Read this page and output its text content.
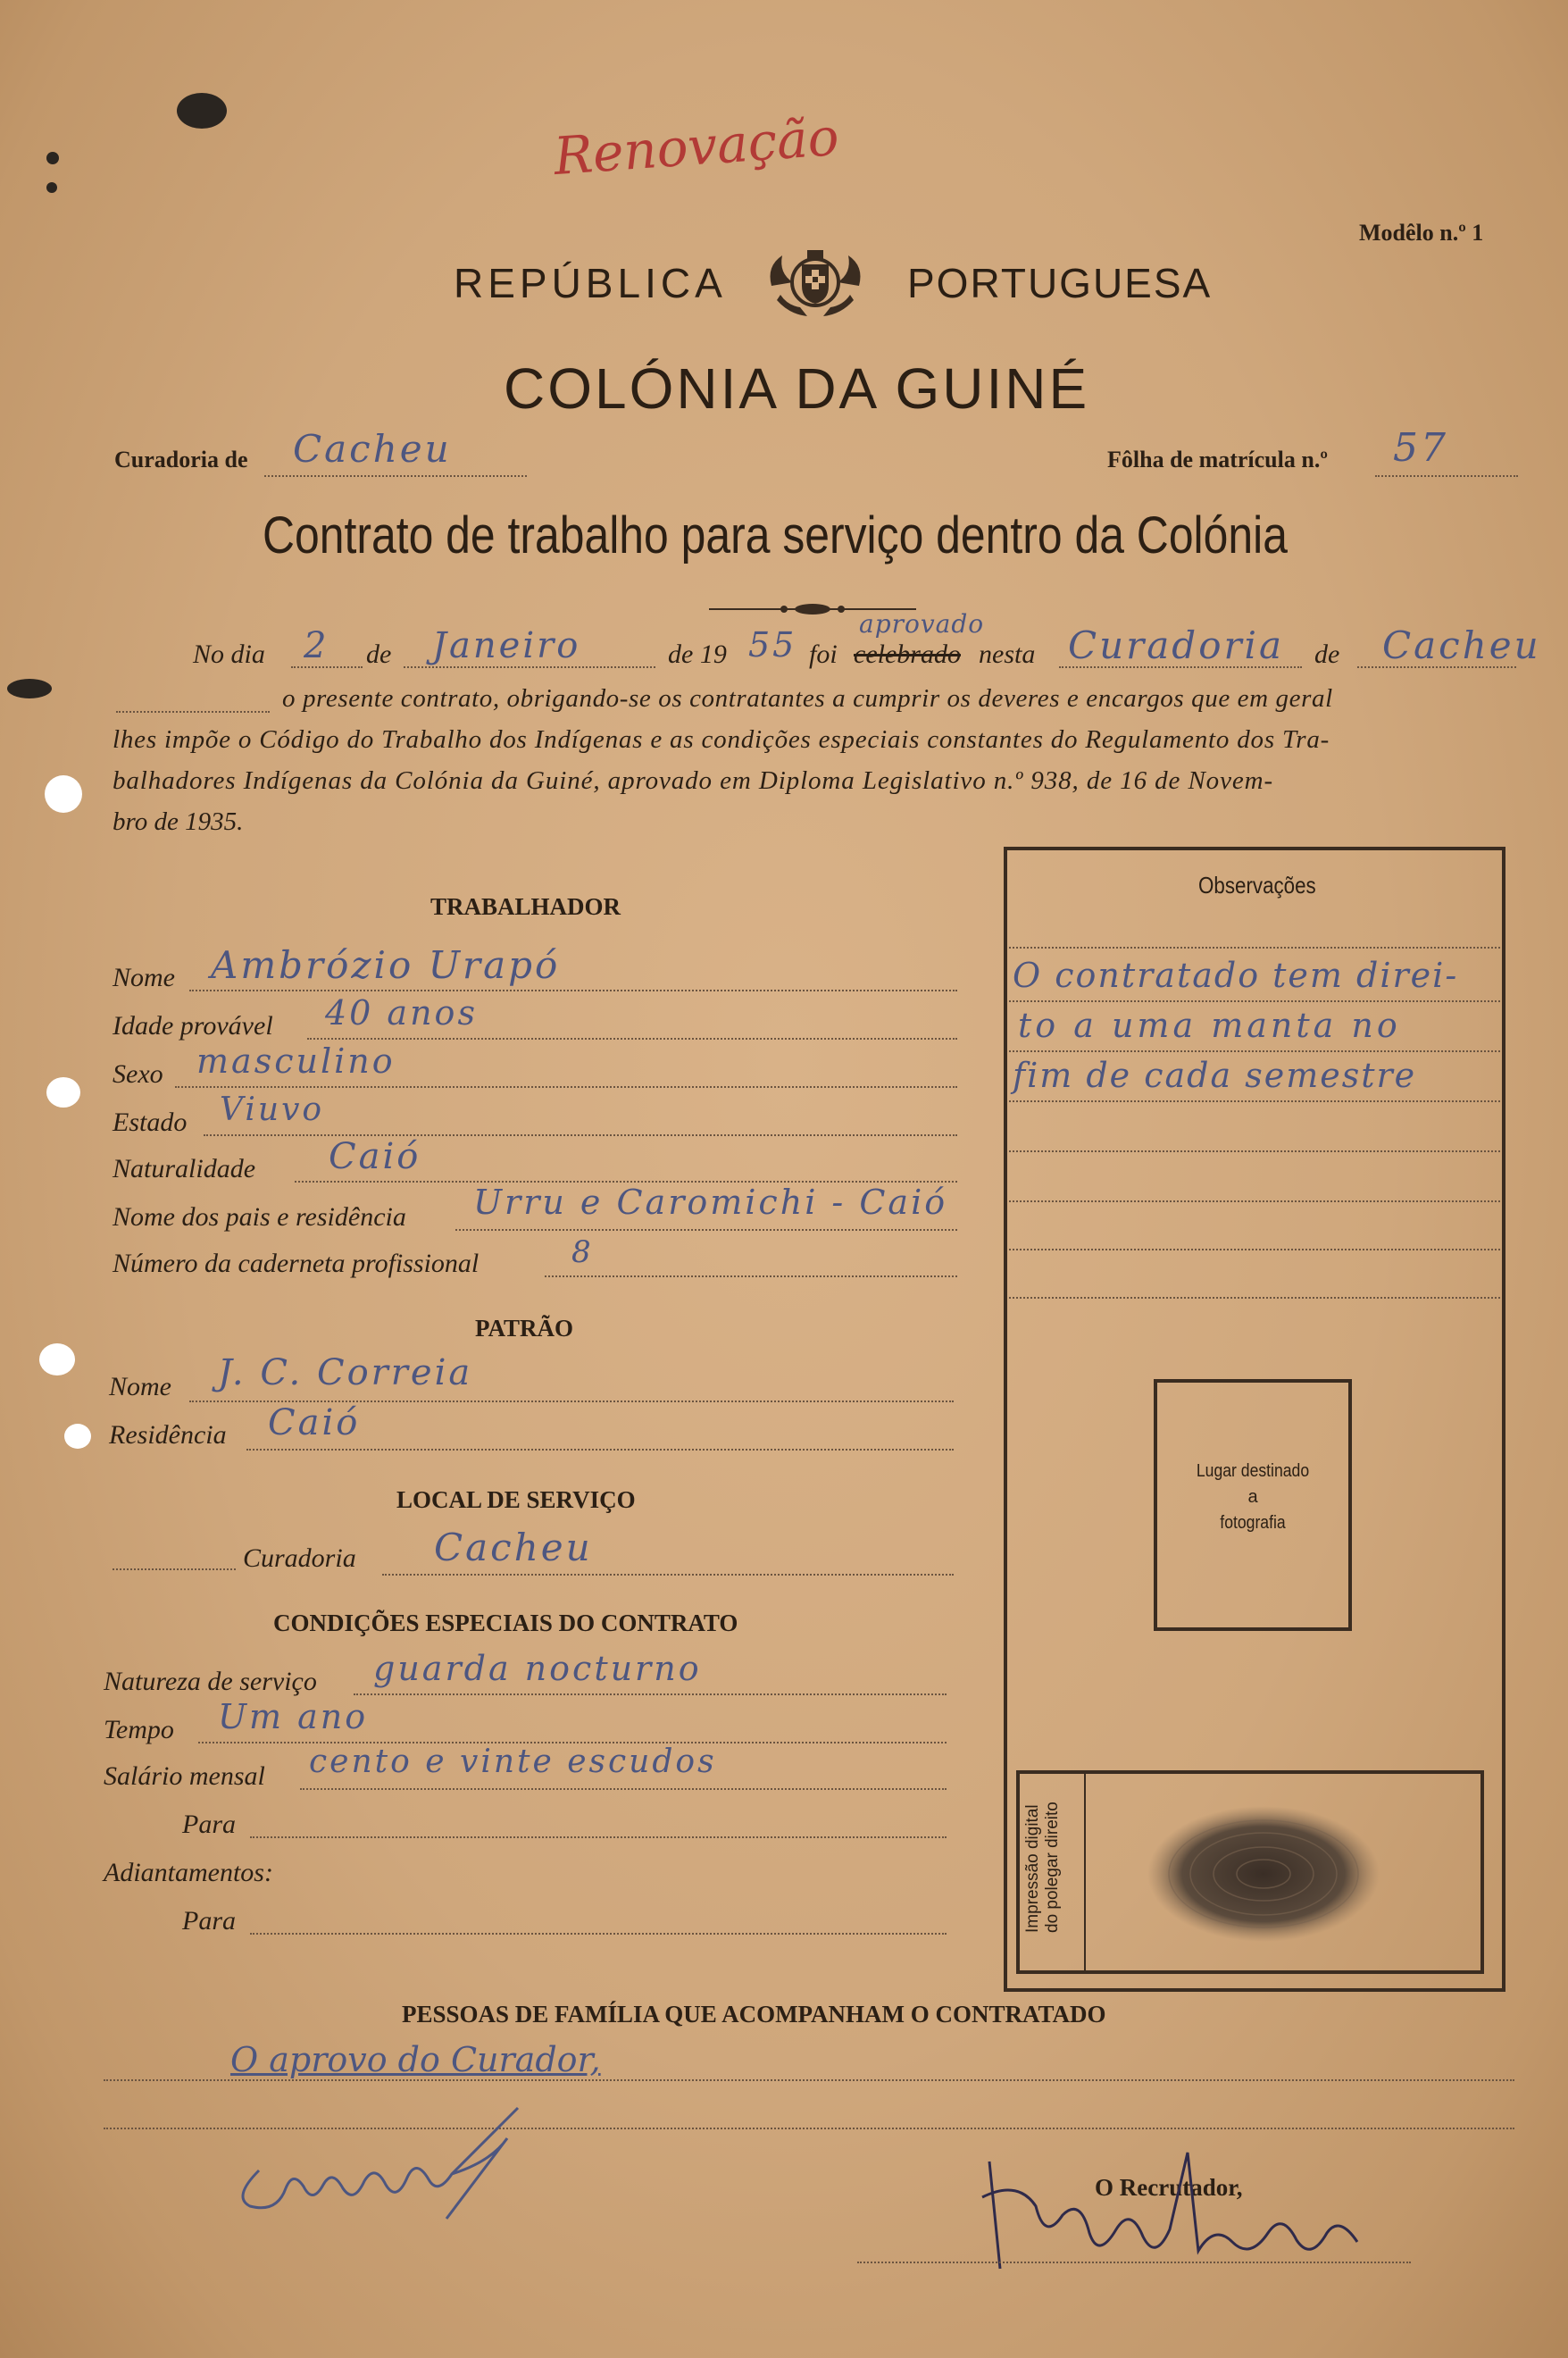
Renovação
Modêlo n.º 1
REPÚBLICA	PORTUGUESA
COLÓNIA DA GUINÉ
Curadoria de Cacheu	Fôlha de matrícula n.º 57
Contrato de trabalho para serviço dentro da Colónia
No dia 2 de Janeiro	de 19 55 foi celebrado
aprovado
nesta Curadoria de Cacheu
o presente contrato, obrigando-se os contratantes a cumprir os deveres e encargos que em geral
lhes impõe o Código do Trabalho dos Indígenas e as condições especiais constantes do Regulamento dos Tra-
balhadores Indígenas da Colónia da Guiné, aprovado em Diploma Legislativo n.º 938, de 16 de Novem-
bro de 1935.
TRABALHADOR
Nome Ambrózio Urapó
Idade provável 40 anos
Sexo masculino
Estado Viuvo
Naturalidade Caió
Nome dos pais e residência Urru e Caromichi - Caió
Número da caderneta profissional	8
PATRÃO
Nome J. C. Correia
Residência Caió
LOCAL DE SERVIÇO
Curadoria Cacheu
CONDIÇÕES ESPECIAIS DO CONTRATO
Natureza de serviço guarda nocturno
Tempo Um ano
Salário mensal cento e vinte escudos
Para
Adiantamentos:
Para
Observações
O contratado tem direi-
to a uma manta no
fim de cada semestre
Lugar destinado
a
fotografia
Impressão digital do polegar direito
PESSOAS DE FAMÍLIA QUE ACOMPANHAM O CONTRATADO
O aprovo do Curador,
O Recrutador,
